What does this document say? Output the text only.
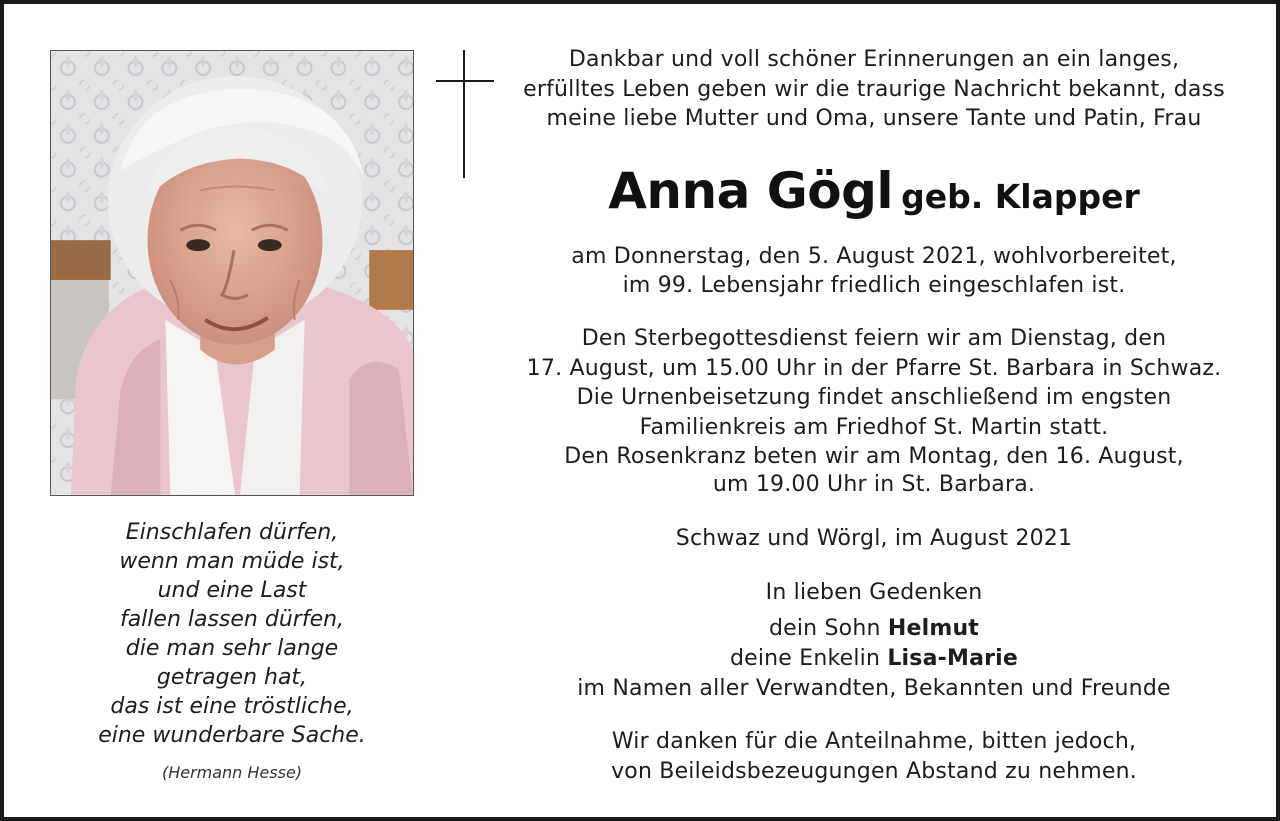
Dankbar und voll schöner Erinnerungen an ein langes,
erfülltes Leben geben wir die traurige Nachricht bekannt, dass
meine liebe Mutter und Oma, unsere Tante und Patin, Frau
Anna Gögl geb. Klapper
am Donnerstag, den 5. August 2021, wohlvorbereitet,
im 99. Lebensjahr friedlich eingeschlafen ist.
Den Sterbegottesdienst feiern wir am Dienstag, den
17. August, um 15.00 Uhr in der Pfarre St. Barbara in Schwaz.
Die Urnenbeisetzung findet anschließend im engsten
Familienkreis am Friedhof St. Martin statt.
Den Rosenkranz beten wir am Montag, den 16. August,
um 19.00 Uhr in St. Barbara.
Schwaz und Wörgl, im August 2021
In lieben Gedenken
dein Sohn Helmut
deine Enkelin Lisa-Marie
im Namen aller Verwandten, Bekannten und Freunde
Wir danken für die Anteilnahme, bitten jedoch,
von Beileidsbezeugungen Abstand zu nehmen.
Einschlafen dürfen,
wenn man müde ist,
und eine Last
fallen lassen dürfen,
die man sehr lange
getragen hat,
das ist eine tröstliche,
eine wunderbare Sache.
(Hermann Hesse)
